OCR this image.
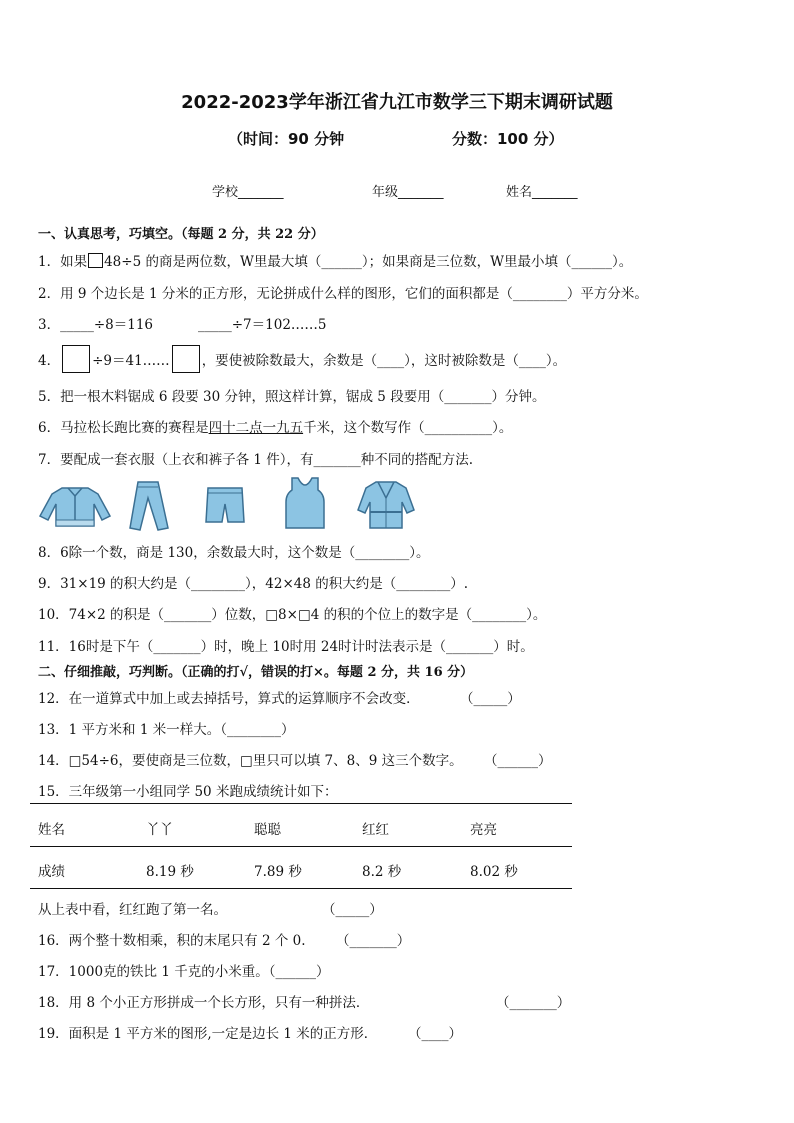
2022-2023学年浙江省九江市数学三下期末调研试题
（时间：90 分钟	分数：100 分）
学校_______	年级_______	姓名_______
一、认真思考，巧填空。（每题 2 分，共 22 分）
1．如果 48÷5 的商是两位数，W里最大填（______）；如果商是三位数，W里最小填（______）。
2．用 9 个边长是 1 分米的正方形，无论拼成什么样的图形，它们的面积都是（________）平方分米。
3．_____÷8＝116	_____÷7＝102……5
4． ÷9＝41…… ，要使被除数最大，余数是（____），这时被除数是（____）。
5．把一根木料锯成 6 段要 30 分钟，照这样计算，锯成 5 段要用（_______）分钟。
6．马拉松长跑比赛的赛程是四十二点一九五千米，这个数写作（__________）。
7．要配成一套衣服（上衣和裤子各 1 件），有_______种不同的搭配方法.
8．6除一个数，商是 130，余数最大时，这个数是（________）。
9．31×19 的积大约是（________），42×48 的积大约是（________）.
10．74×2 的积是（_______）位数，□8×□4 的积的个位上的数字是（________）。
11．16时是下午（_______）时，晚上 10时用 24时计时法表示是（_______）时。
二、仔细推敲，巧判断。（正确的打√，错误的打×。每题 2 分，共 16 分）
12．在一道算式中加上或去掉括号，算式的运算顺序不会改变．	（_____）
13．1 平方米和 1 米一样大。（________）
14．□54÷6，要使商是三位数，□里只可以填 7、8、9 这三个数字。 （______）
15．三年级第一小组同学 50 米跑成绩统计如下：
姓名	丫丫	聪聪	红红	亮亮
成绩	8.19 秒	7.89 秒	8.2 秒	8.02 秒
从上表中看，红红跑了第一名。	（_____）
16．两个整十数相乘，积的末尾只有 2 个 0. （_______）
17．1000克的铁比 1 千克的小米重。（______）
18．用 8 个小正方形拼成一个长方形，只有一种拼法．	（_______）
19．面积是 1 平方米的图形,一定是边长 1 米的正方形． （____）
